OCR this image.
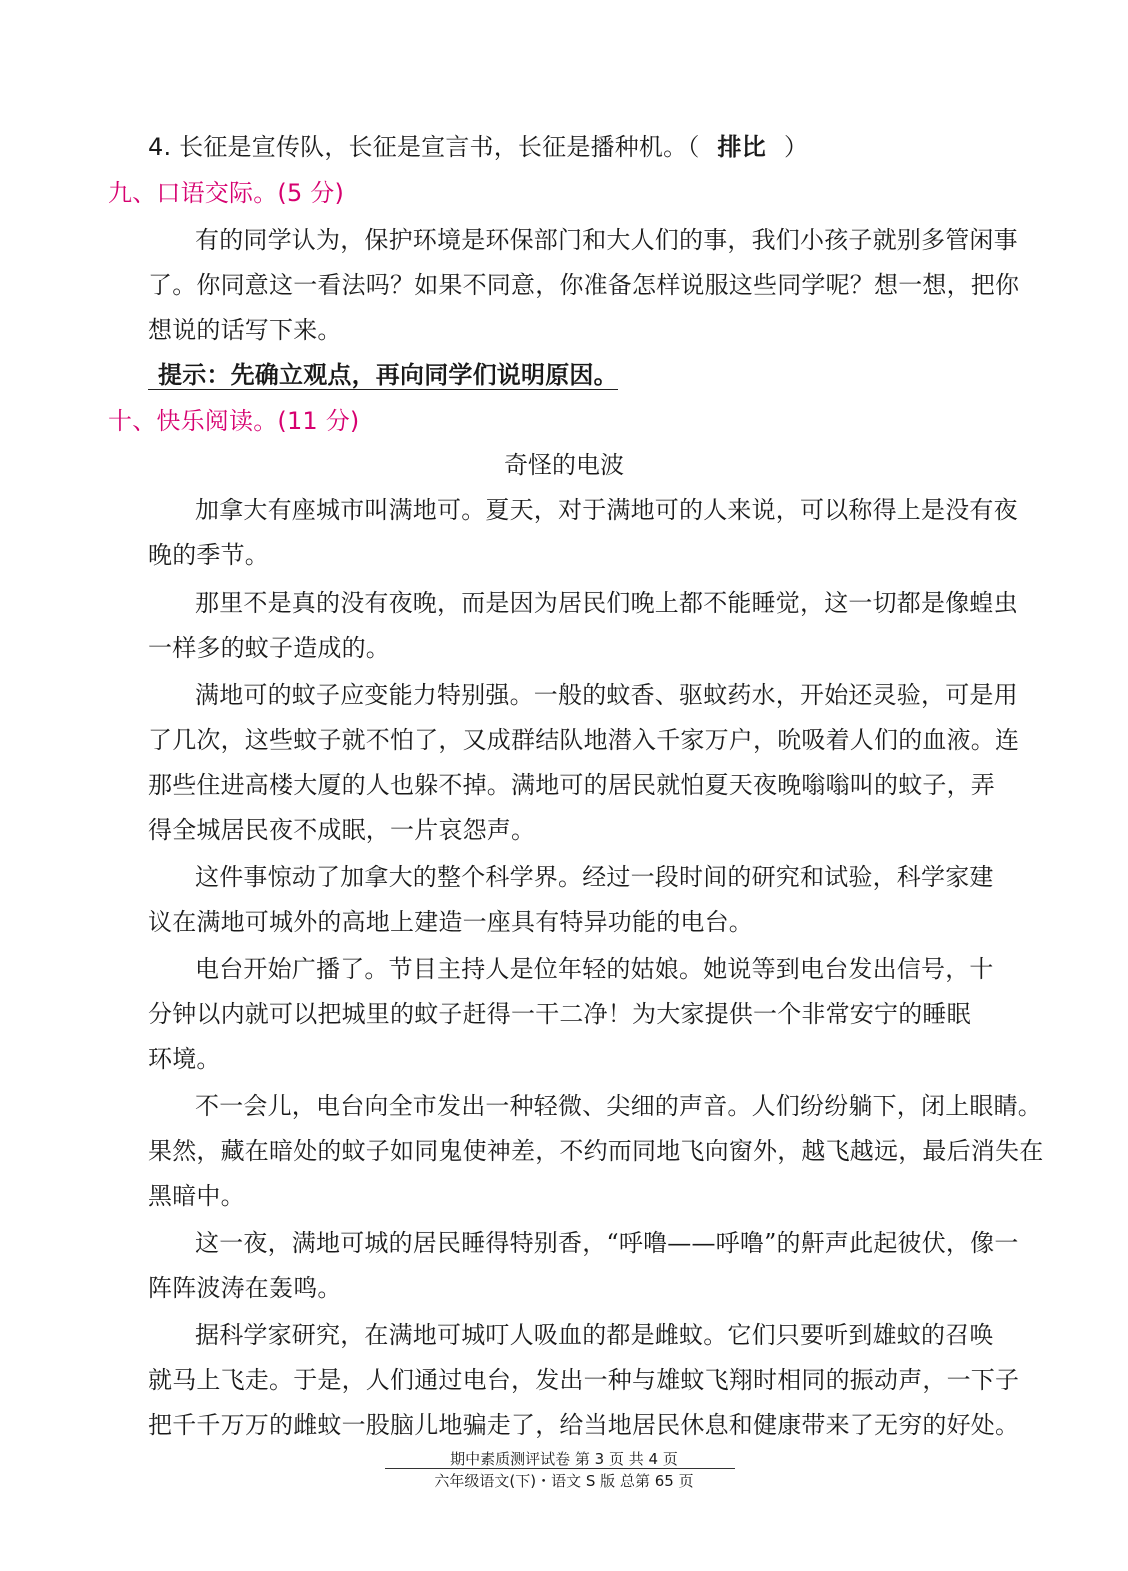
4. 长征是宣传队，长征是宣言书，长征是播种机。（ 排比 ）
九、口语交际。(5 分)
有的同学认为，保护环境是环保部门和大人们的事，我们小孩子就别多管闲事
了。你同意这一看法吗？如果不同意，你准备怎样说服这些同学呢？想一想，把你
想说的话写下来。
提示：先确立观点，再向同学们说明原因。
十、快乐阅读。(11 分)
奇怪的电波
加拿大有座城市叫满地可。夏天，对于满地可的人来说，可以称得上是没有夜
晚的季节。
那里不是真的没有夜晚，而是因为居民们晚上都不能睡觉，这一切都是像蝗虫
一样多的蚊子造成的。
满地可的蚊子应变能力特别强。一般的蚊香、驱蚊药水，开始还灵验，可是用
了几次，这些蚊子就不怕了，又成群结队地潜入千家万户，吮吸着人们的血液。连
那些住进高楼大厦的人也躲不掉。满地可的居民就怕夏天夜晚嗡嗡叫的蚊子，弄
得全城居民夜不成眠，一片哀怨声。
这件事惊动了加拿大的整个科学界。经过一段时间的研究和试验，科学家建
议在满地可城外的高地上建造一座具有特异功能的电台。
电台开始广播了。节目主持人是位年轻的姑娘。她说等到电台发出信号，十
分钟以内就可以把城里的蚊子赶得一干二净！为大家提供一个非常安宁的睡眠
环境。
不一会儿，电台向全市发出一种轻微、尖细的声音。人们纷纷躺下，闭上眼睛。
果然，藏在暗处的蚊子如同鬼使神差，不约而同地飞向窗外，越飞越远，最后消失在
黑暗中。
这一夜，满地可城的居民睡得特别香，“呼噜——呼噜”的鼾声此起彼伏，像一
阵阵波涛在轰鸣。
据科学家研究，在满地可城叮人吸血的都是雌蚊。它们只要听到雄蚊的召唤
就马上飞走。于是，人们通过电台，发出一种与雄蚊飞翔时相同的振动声，一下子
把千千万万的雌蚊一股脑儿地骗走了，给当地居民休息和健康带来了无穷的好处。
期中素质测评试卷 第 3 页 共 4 页
六年级语文(下)・语文 S 版 总第 65 页
